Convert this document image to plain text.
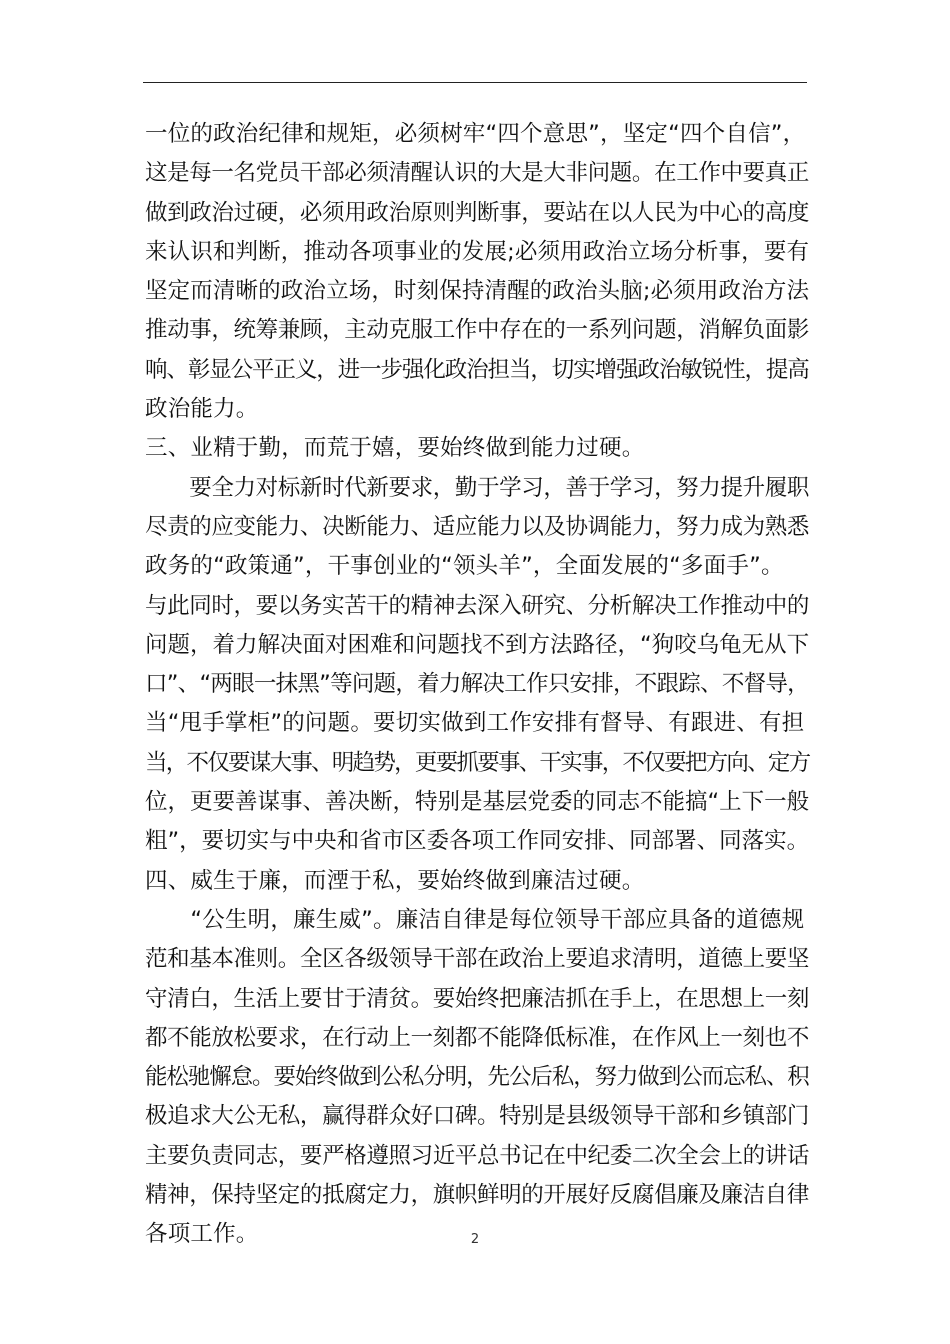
一位的政治纪律和规矩，必须树牢“四个意思”，坚定“四个自信”，
这是每一名党员干部必须清醒认识的大是大非问题。在工作中要真正
做到政治过硬，必须用政治原则判断事，要站在以人民为中心的高度
来认识和判断，推动各项事业的发展;必须用政治立场分析事，要有
坚定而清晰的政治立场，时刻保持清醒的政治头脑;必须用政治方法
推动事，统筹兼顾，主动克服工作中存在的一系列问题，消解负面影
响、彰显公平正义，进一步强化政治担当，切实增强政治敏锐性，提高
政治能力。
三、业精于勤，而荒于嬉，要始终做到能力过硬。
　　要全力对标新时代新要求，勤于学习，善于学习，努力提升履职
尽责的应变能力、决断能力、适应能力以及协调能力，努力成为熟悉
政务的“政策通”，干事创业的“领头羊”，全面发展的“多面手”。
与此同时，要以务实苦干的精神去深入研究、分析解决工作推动中的
问题，着力解决面对困难和问题找不到方法路径，“狗咬乌龟无从下
口”、“两眼一抹黑”等问题，着力解决工作只安排，不跟踪、不督导，
当“甩手掌柜”的问题。要切实做到工作安排有督导、有跟进、有担
当，不仅要谋大事、明趋势，更要抓要事、干实事，不仅要把方向、定方
位，更要善谋事、善决断，特别是基层党委的同志不能搞“上下一般
粗”，要切实与中央和省市区委各项工作同安排、同部署、同落实。
四、威生于廉，而湮于私，要始终做到廉洁过硬。
　　“公生明，廉生威”。廉洁自律是每位领导干部应具备的道德规
范和基本准则。全区各级领导干部在政治上要追求清明，道德上要坚
守清白，生活上要甘于清贫。要始终把廉洁抓在手上，在思想上一刻
都不能放松要求，在行动上一刻都不能降低标准，在作风上一刻也不
能松驰懈怠。要始终做到公私分明，先公后私，努力做到公而忘私、积
极追求大公无私，赢得群众好口碑。特别是县级领导干部和乡镇部门
主要负责同志，要严格遵照习近平总书记在中纪委二次全会上的讲话
精神，保持坚定的抵腐定力，旗帜鲜明的开展好反腐倡廉及廉洁自律
各项工作。	2
